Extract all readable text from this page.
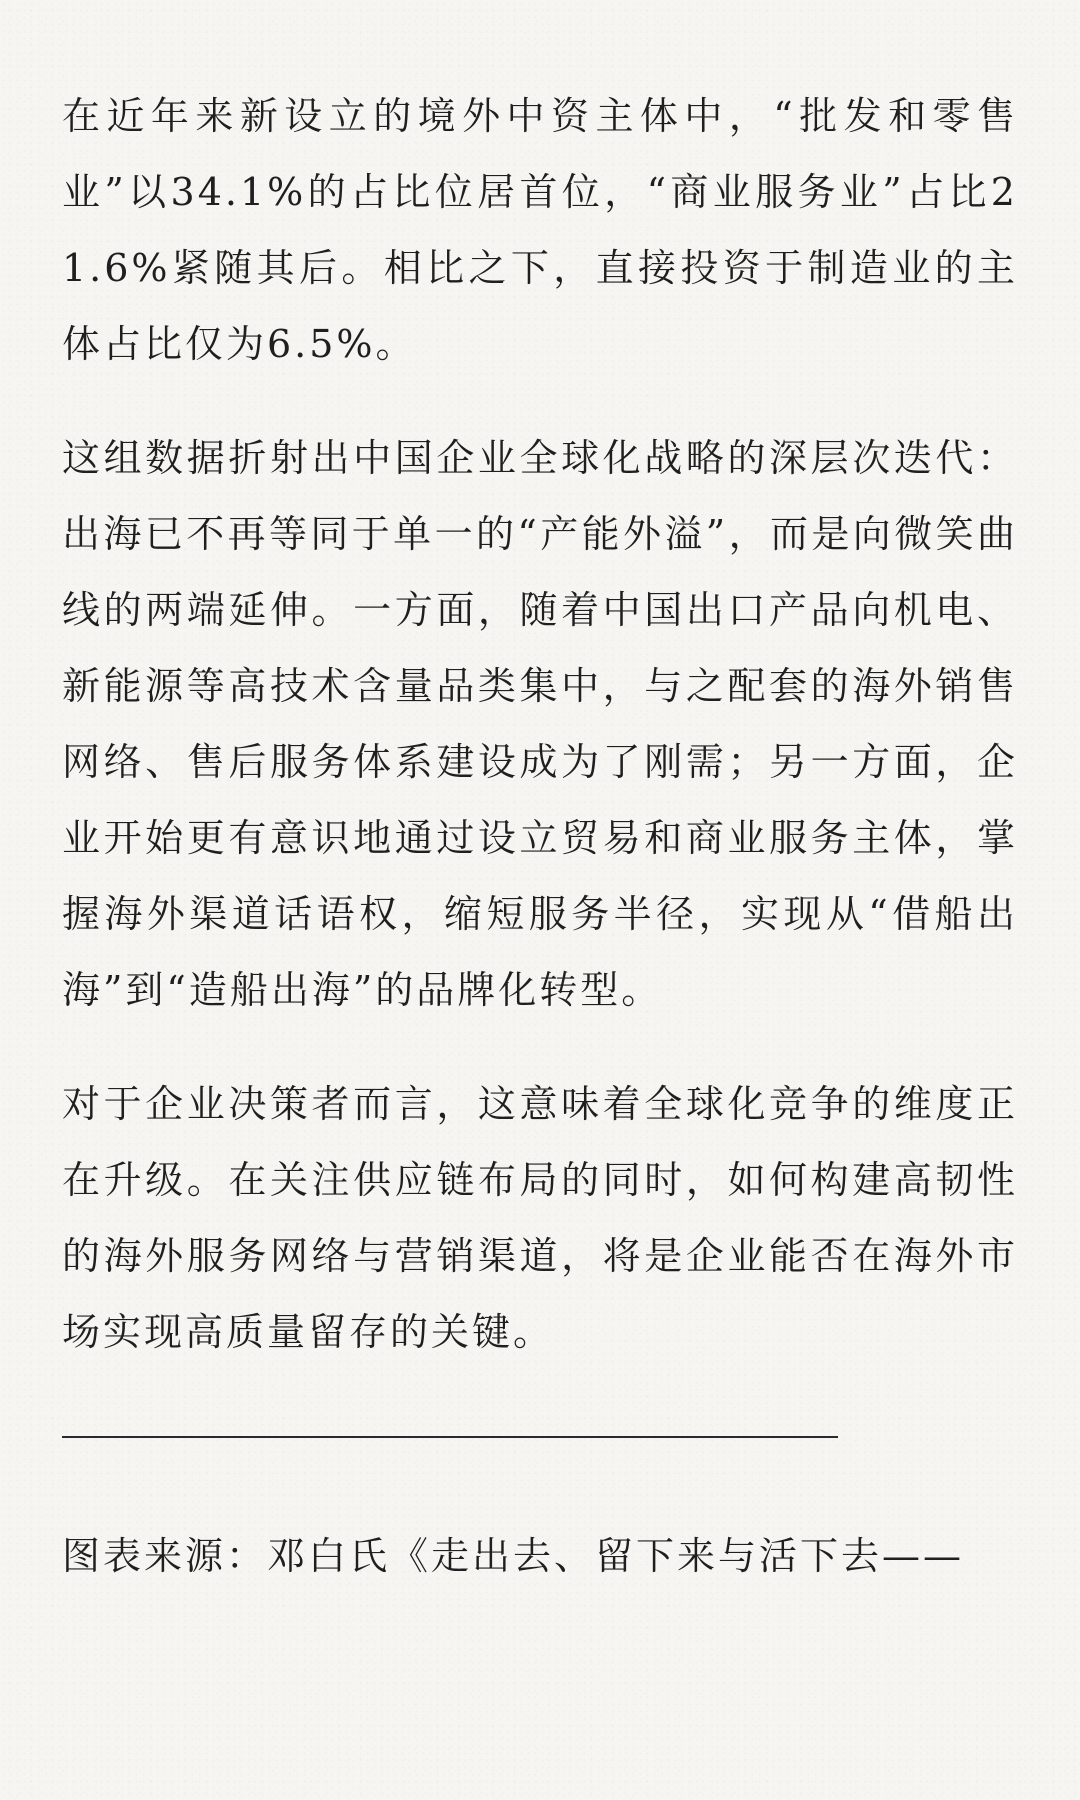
在近年来新设立的境外中资主体中，“批发和零售业”以34.1%的占比位居首位，“商业服务业”占比21.6%紧随其后。相比之下，直接投资于制造业的主体占比仅为6.5%。

这组数据折射出中国企业全球化战略的深层次迭代：出海已不再等同于单一的“产能外溢”，而是向微笑曲线的两端延伸。一方面，随着中国出口产品向机电、新能源等高技术含量品类集中，与之配套的海外销售网络、售后服务体系建设成为了刚需；另一方面，企业开始更有意识地通过设立贸易和商业服务主体，掌握海外渠道话语权，缩短服务半径，实现从“借船出海”到“造船出海”的品牌化转型。

对于企业决策者而言，这意味着全球化竞争的维度正在升级。在关注供应链布局的同时，如何构建高韧性的海外服务网络与营销渠道，将是企业能否在海外市场实现高质量留存的关键。

图表来源：邓白氏《走出去、留下来与活下去——
